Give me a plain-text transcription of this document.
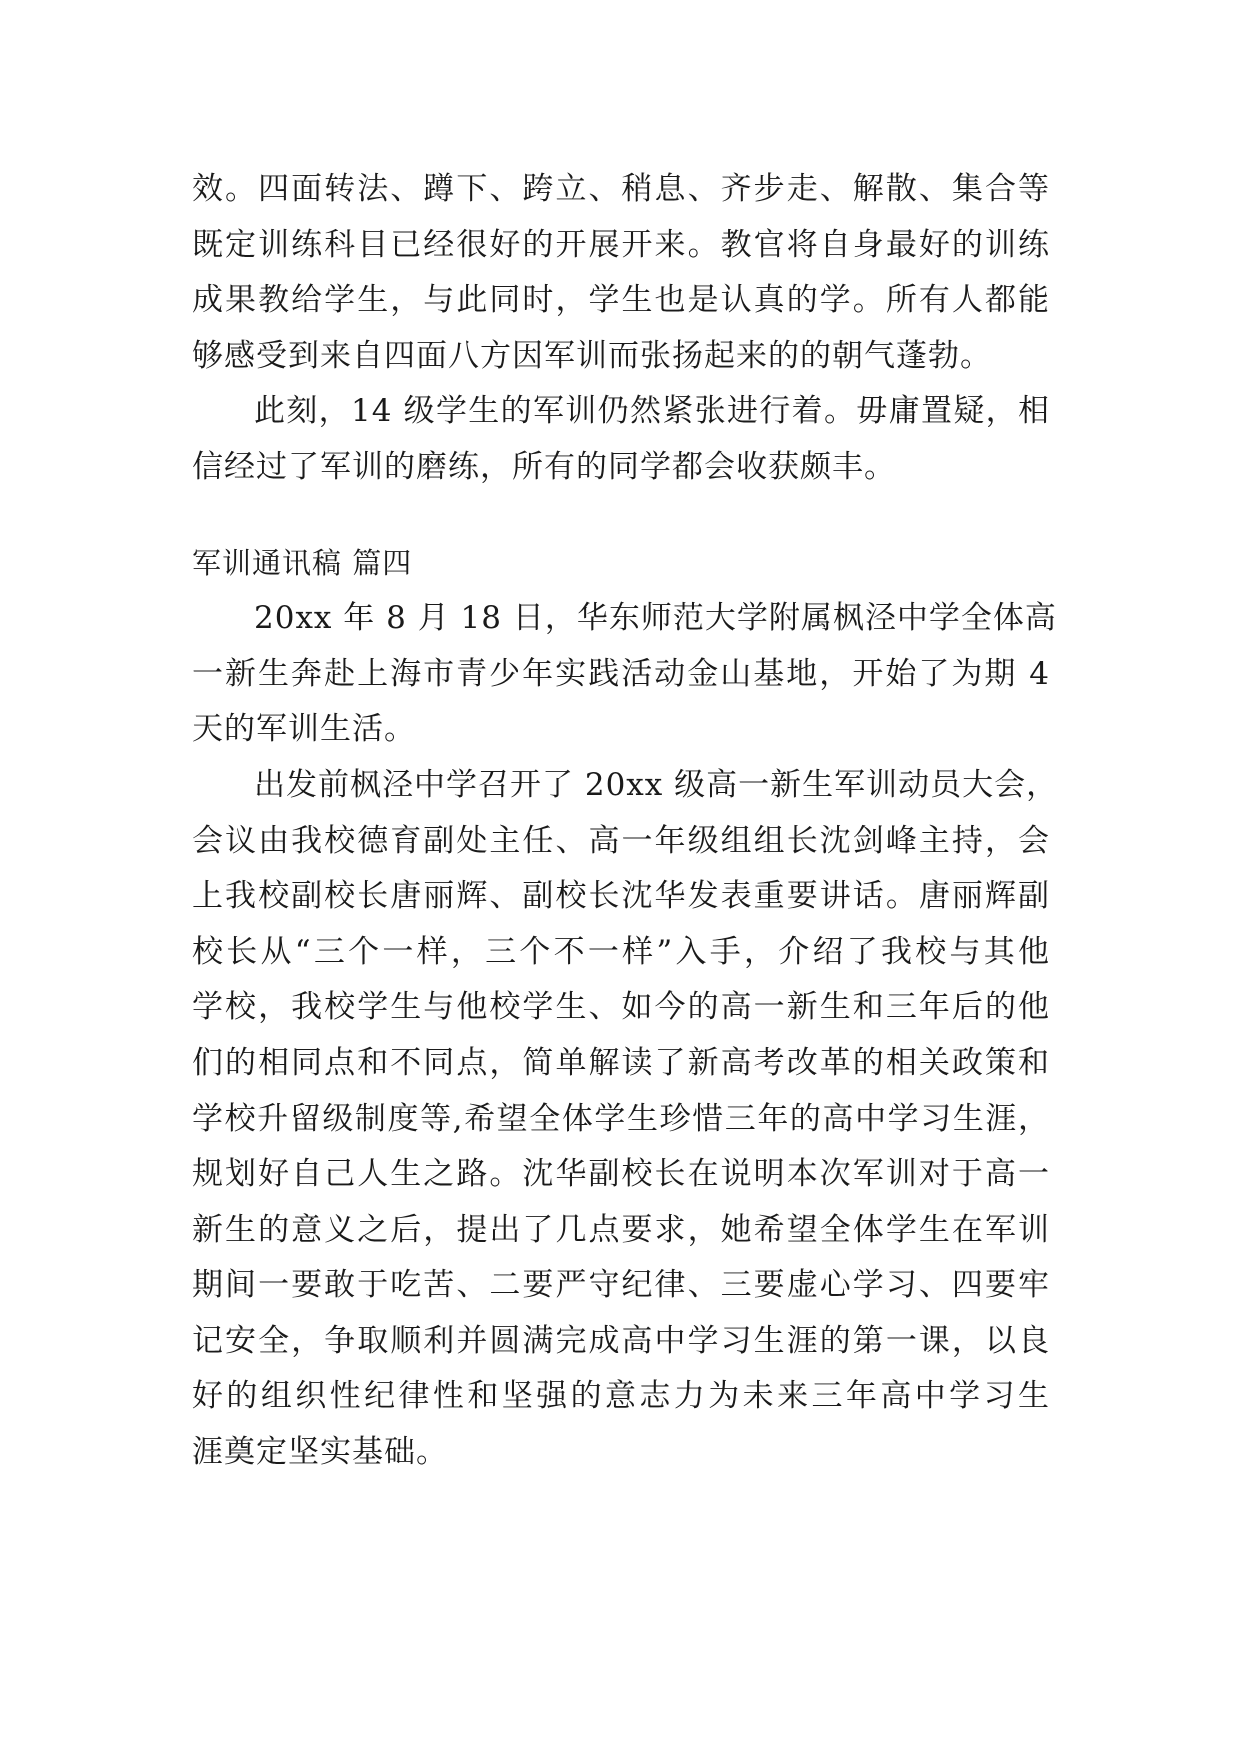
效。四面转法、蹲下、跨立、稍息、齐步走、解散、集合等
既定训练科目已经很好的开展开来。教官将自身最好的训练
成果教给学生，与此同时，学生也是认真的学。所有人都能
够感受到来自四面八方因军训而张扬起来的的朝气蓬勃。
此刻，14 级学生的军训仍然紧张进行着。毋庸置疑，相
信经过了军训的磨练，所有的同学都会收获颇丰。
军训通讯稿 篇四
20xx 年 8 月 18 日，华东师范大学附属枫泾中学全体高
一新生奔赴上海市青少年实践活动金山基地，开始了为期 4
天的军训生活。
出发前枫泾中学召开了 20xx 级高一新生军训动员大会，
会议由我校德育副处主任、高一年级组组长沈剑峰主持，会
上我校副校长唐丽辉、副校长沈华发表重要讲话。唐丽辉副
校长从“三个一样，三个不一样”入手，介绍了我校与其他
学校，我校学生与他校学生、如今的高一新生和三年后的他
们的相同点和不同点，简单解读了新高考改革的相关政策和
学校升留级制度等,希望全体学生珍惜三年的高中学习生涯，
规划好自己人生之路。沈华副校长在说明本次军训对于高一
新生的意义之后，提出了几点要求，她希望全体学生在军训
期间一要敢于吃苦、二要严守纪律、三要虚心学习、四要牢
记安全，争取顺利并圆满完成高中学习生涯的第一课，以良
好的组织性纪律性和坚强的意志力为未来三年高中学习生
涯奠定坚实基础。
